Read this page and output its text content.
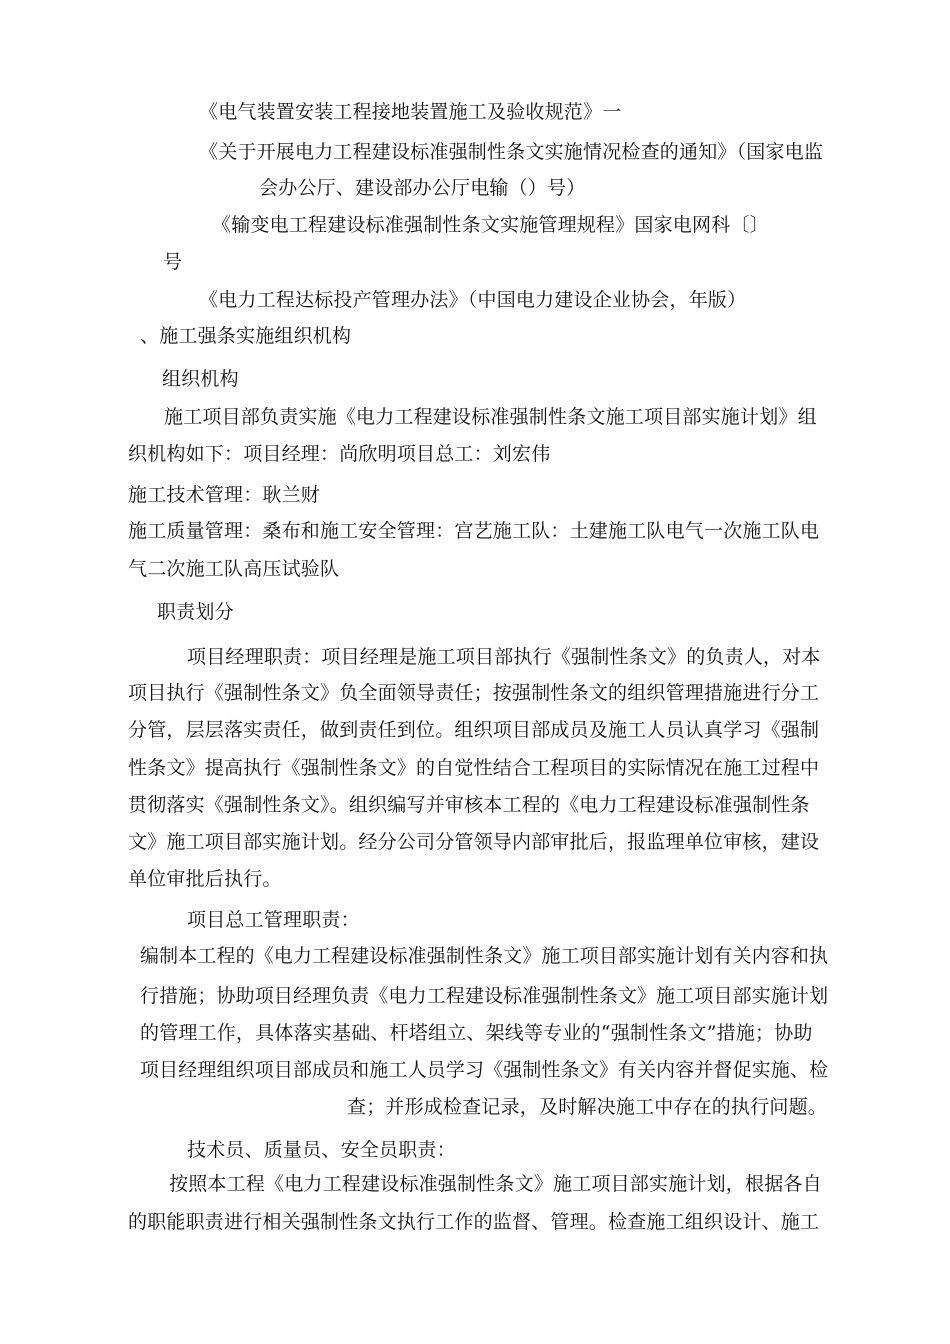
《电气装置安装工程接地装置施工及验收规范》一
《关于开展电力工程建设标准强制性条文实施情况检查的通知》（国家电监
会办公厅、建设部办公厅电输（）号）
《输变电工程建设标准强制性条文实施管理规程》国家电网科〔〕
号
《电力工程达标投产管理办法》（中国电力建设企业协会，年版）
、施工强条实施组织机构
组织机构
施工项目部负责实施《电力工程建设标准强制性条文施工项目部实施计划》组
织机构如下：项目经理：尚欣明项目总工：刘宏伟
施工技术管理：耿兰财
施工质量管理：桑布和施工安全管理：宫艺施工队：土建施工队电气一次施工队电
气二次施工队高压试验队
职责划分
项目经理职责：项目经理是施工项目部执行《强制性条文》的负责人，对本
项目执行《强制性条文》负全面领导责任；按强制性条文的组织管理措施进行分工
分管，层层落实责任，做到责任到位。组织项目部成员及施工人员认真学习《强制
性条文》提高执行《强制性条文》的自觉性结合工程项目的实际情况在施工过程中
贯彻落实《强制性条文》。组织编写并审核本工程的《电力工程建设标准强制性条
文》施工项目部实施计划。经分公司分管领导内部审批后，报监理单位审核，建设
单位审批后执行。
项目总工管理职责：
编制本工程的《电力工程建设标准强制性条文》施工项目部实施计划有关内容和执
行措施；协助项目经理负责《电力工程建设标准强制性条文》施工项目部实施计划
的管理工作，具体落实基础、杆塔组立、架线等专业的“强制性条文”措施；协助
项目经理组织项目部成员和施工人员学习《强制性条文》有关内容并督促实施、检
查；并形成检查记录，及时解决施工中存在的执行问题。
技术员、质量员、安全员职责：
按照本工程《电力工程建设标准强制性条文》施工项目部实施计划，根据各自
的职能职责进行相关强制性条文执行工作的监督、管理。检查施工组织设计、施工
